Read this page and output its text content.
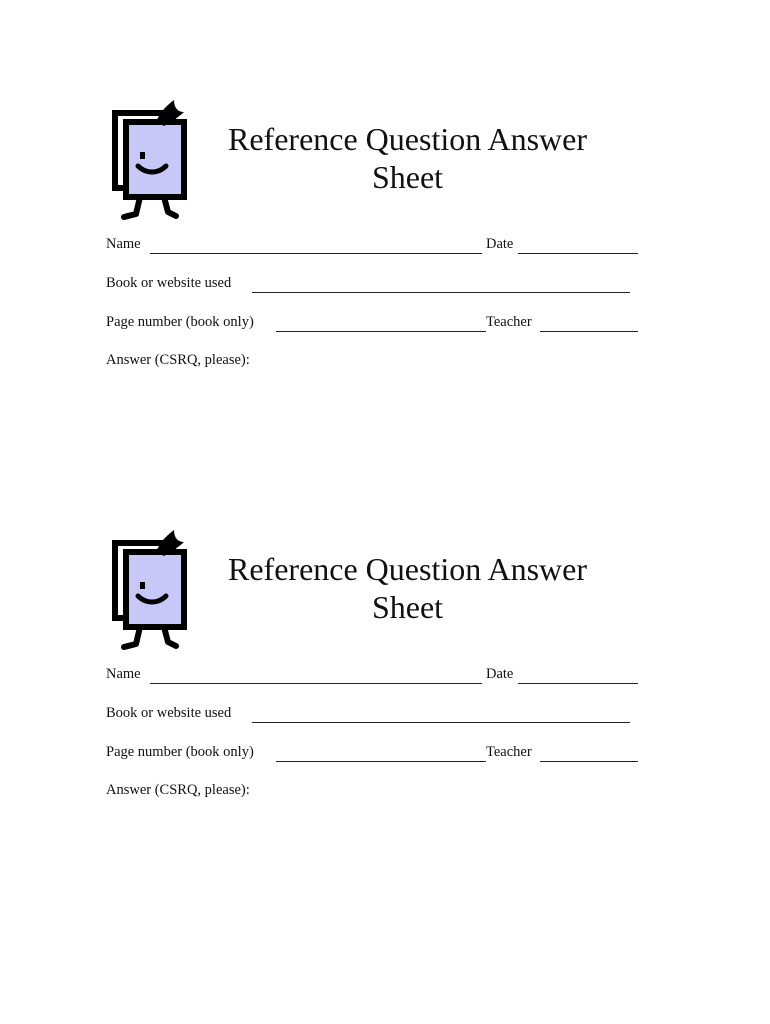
Reference Question Answer
Sheet
Name	Date
Book or website used
Page number (book only)	Teacher
Answer (CSRQ, please):
Reference Question Answer
Sheet
Name	Date
Book or website used
Page number (book only)	Teacher
Answer (CSRQ, please):
